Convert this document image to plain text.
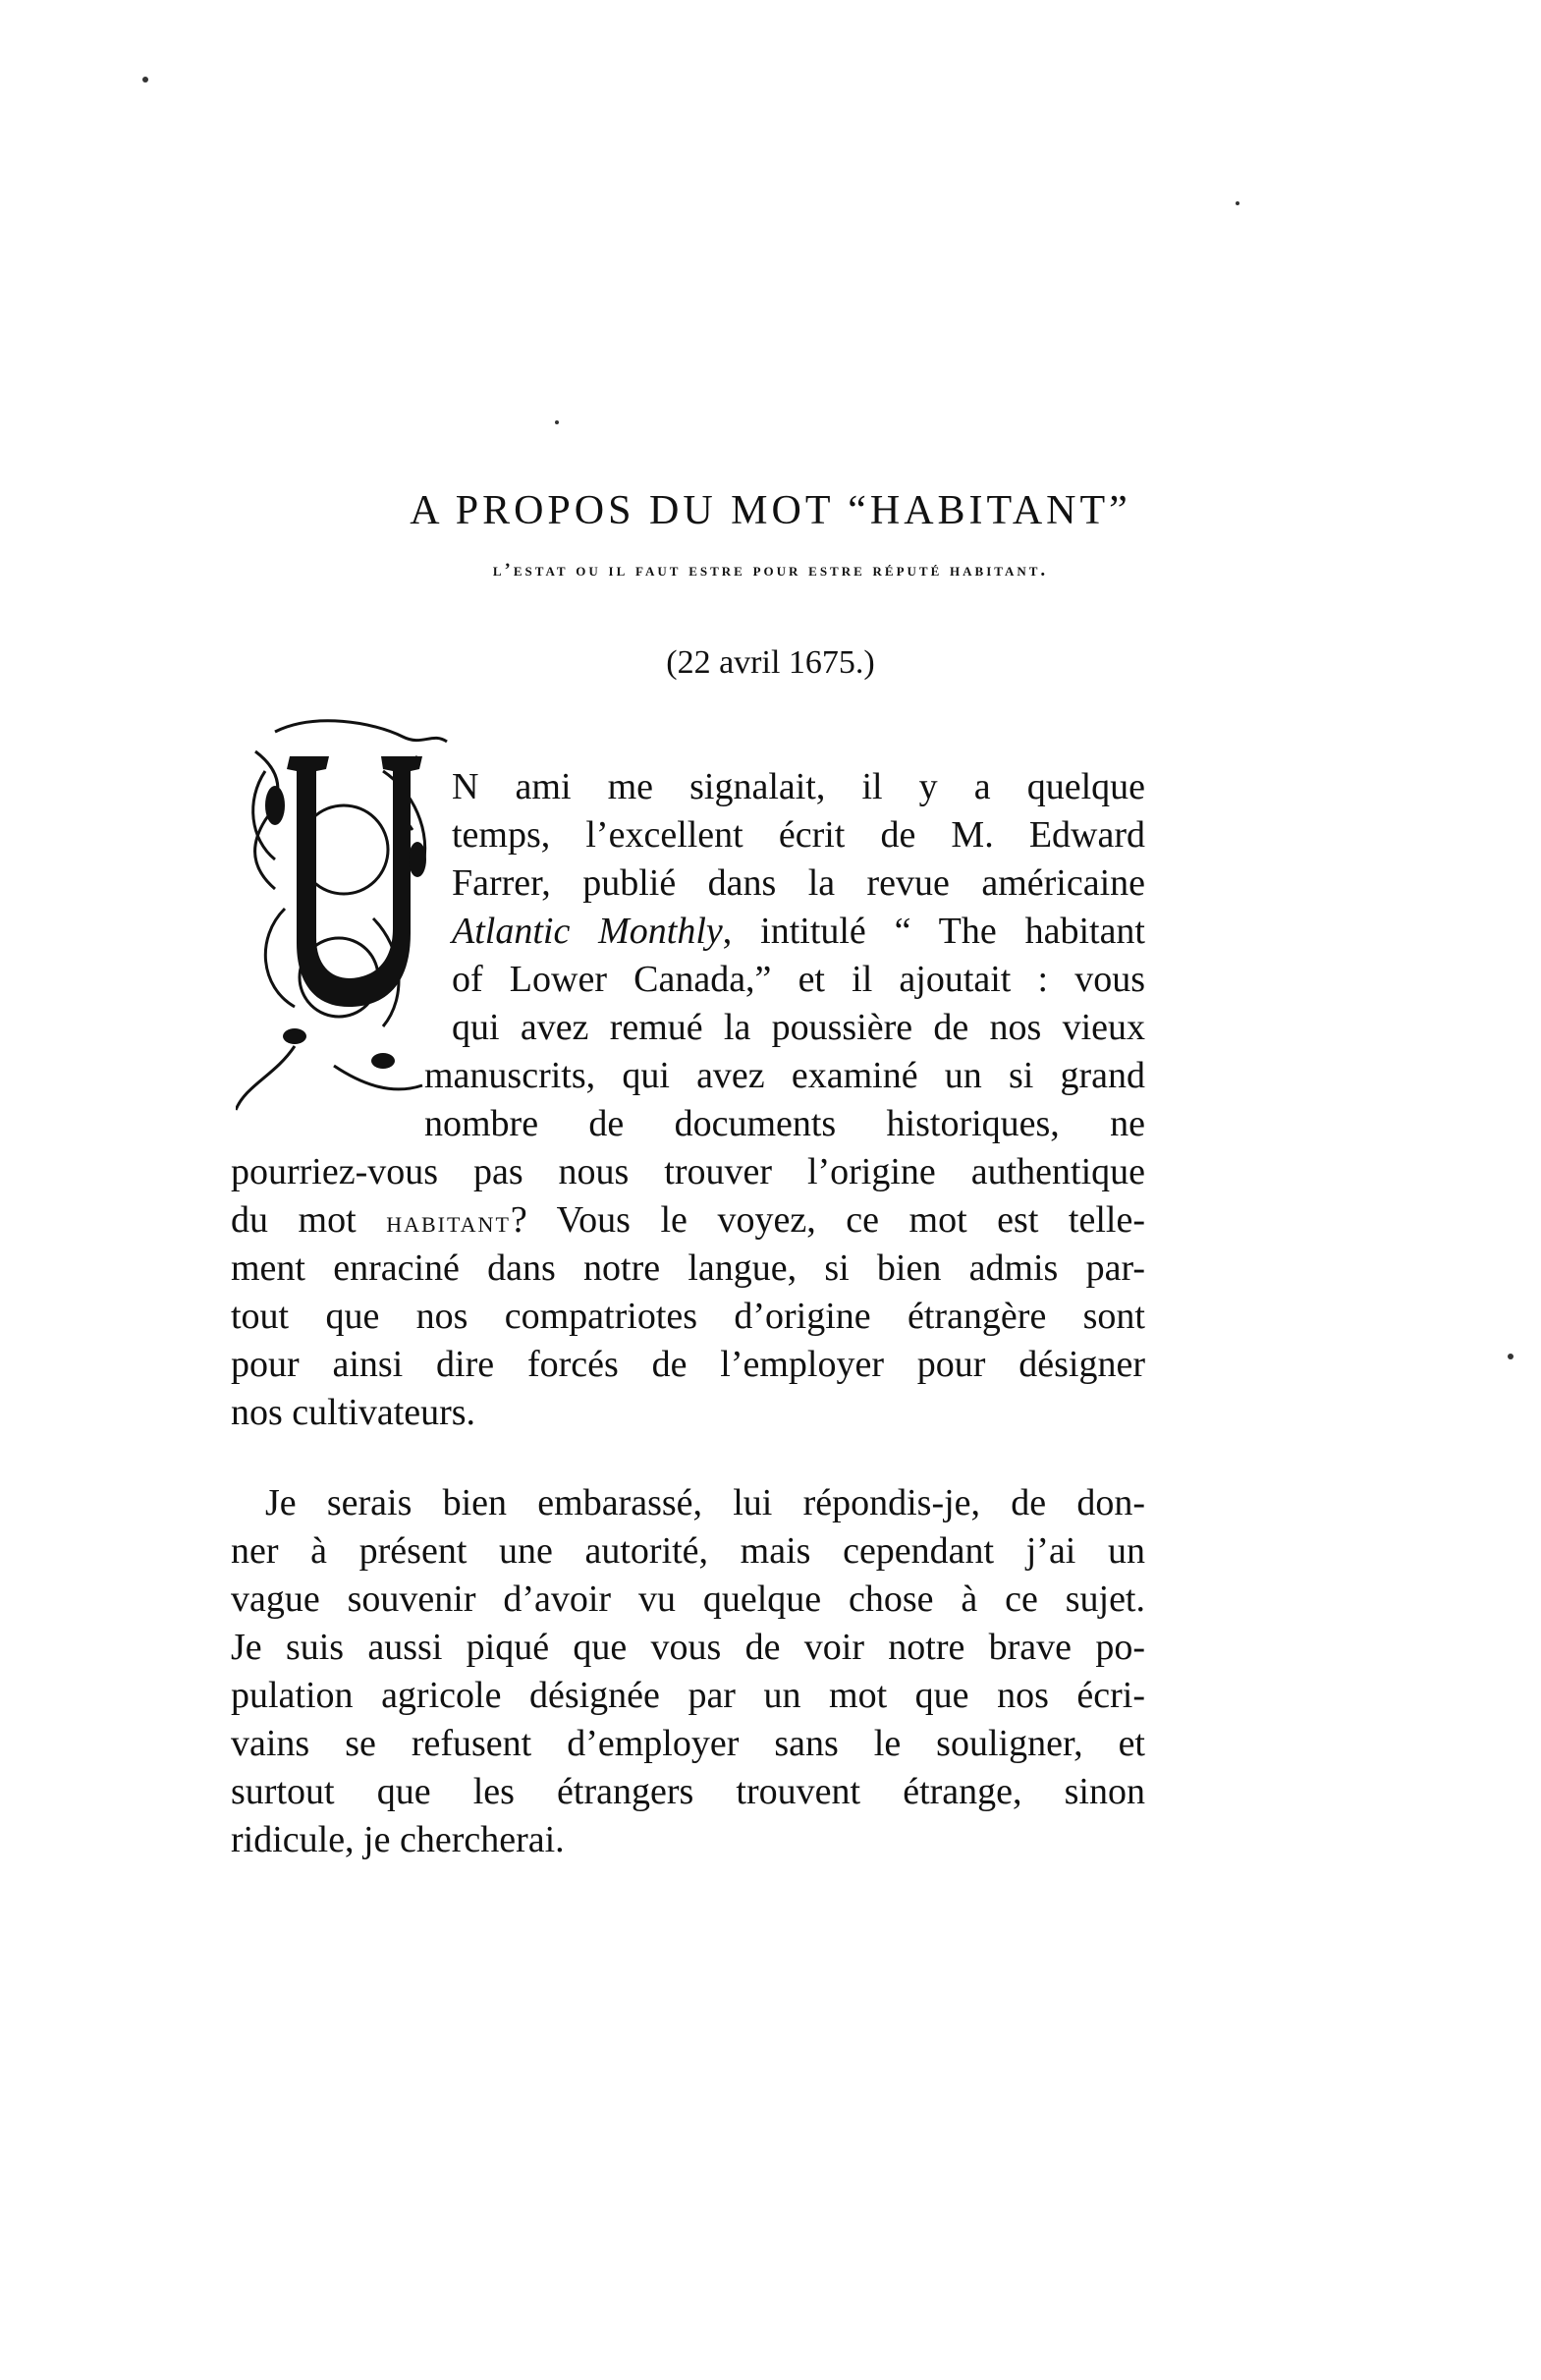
A PROPOS DU MOT “HABITANT”
l’estat ou il faut estre pour estre réputé habitant.
(22 avril 1675.)
N ami me signalait, il y a quelque
temps, l’excellent écrit de M. Edward
Farrer, publié dans la revue américaine
Atlantic Monthly, intitulé “ The habitant
of Lower Canada,” et il ajoutait : vous
qui avez remué la poussière de nos vieux
manuscrits, qui avez examiné un si grand
nombre de documents historiques, ne
pourriez-vous pas nous trouver l’origine authentique
du mot habitant? Vous le voyez, ce mot est telle-
ment enraciné dans notre langue, si bien admis par-
tout que nos compatriotes d’origine étrangère sont
pour ainsi dire forcés de l’employer pour désigner
nos cultivateurs.
Je serais bien embarassé, lui répondis-je, de don-
ner à présent une autorité, mais cependant j’ai un
vague souvenir d’avoir vu quelque chose à ce sujet.
Je suis aussi piqué que vous de voir notre brave po-
pulation agricole désignée par un mot que nos écri-
vains se refusent d’employer sans le souligner, et
surtout que les étrangers trouvent étrange, sinon
ridicule, je chercherai.
